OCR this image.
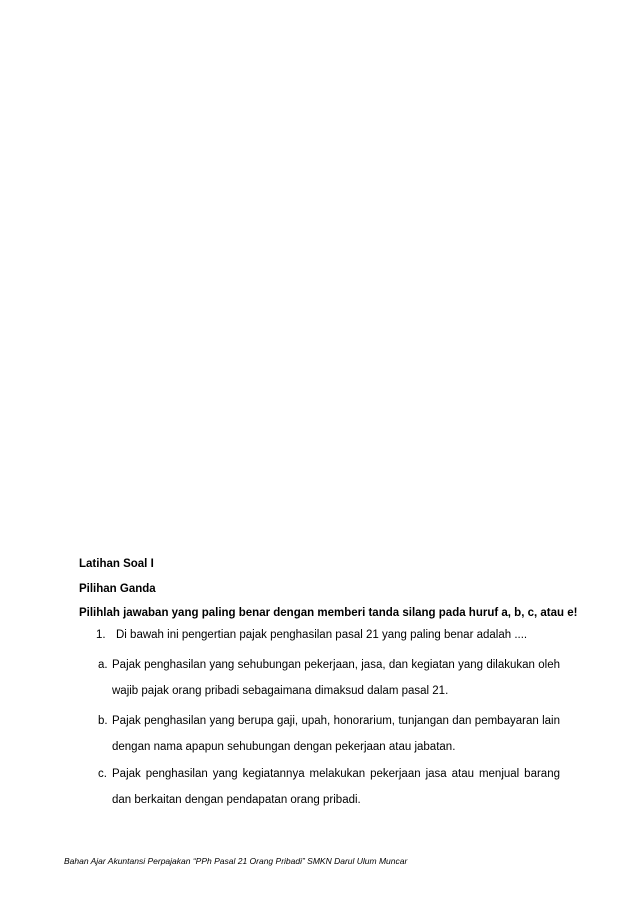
Latihan Soal I
Pilihan Ganda
Pilihlah jawaban yang paling benar dengan memberi tanda silang pada huruf a, b, c, atau e!
1. Di bawah ini pengertian pajak penghasilan pasal 21 yang paling benar adalah ....
a. Pajak penghasilan yang sehubungan pekerjaan, jasa, dan kegiatan yang dilakukan oleh wajib pajak orang pribadi sebagaimana dimaksud dalam pasal 21.
b. Pajak penghasilan yang berupa gaji, upah, honorarium, tunjangan dan pembayaran lain dengan nama apapun sehubungan dengan pekerjaan atau jabatan.
c. Pajak penghasilan yang kegiatannya melakukan pekerjaan jasa atau menjual barang dan berkaitan dengan pendapatan orang pribadi.
Bahan Ajar Akuntansi Perpajakan “PPh Pasal 21 Orang Pribadi” SMKN Darul Ulum Muncar
